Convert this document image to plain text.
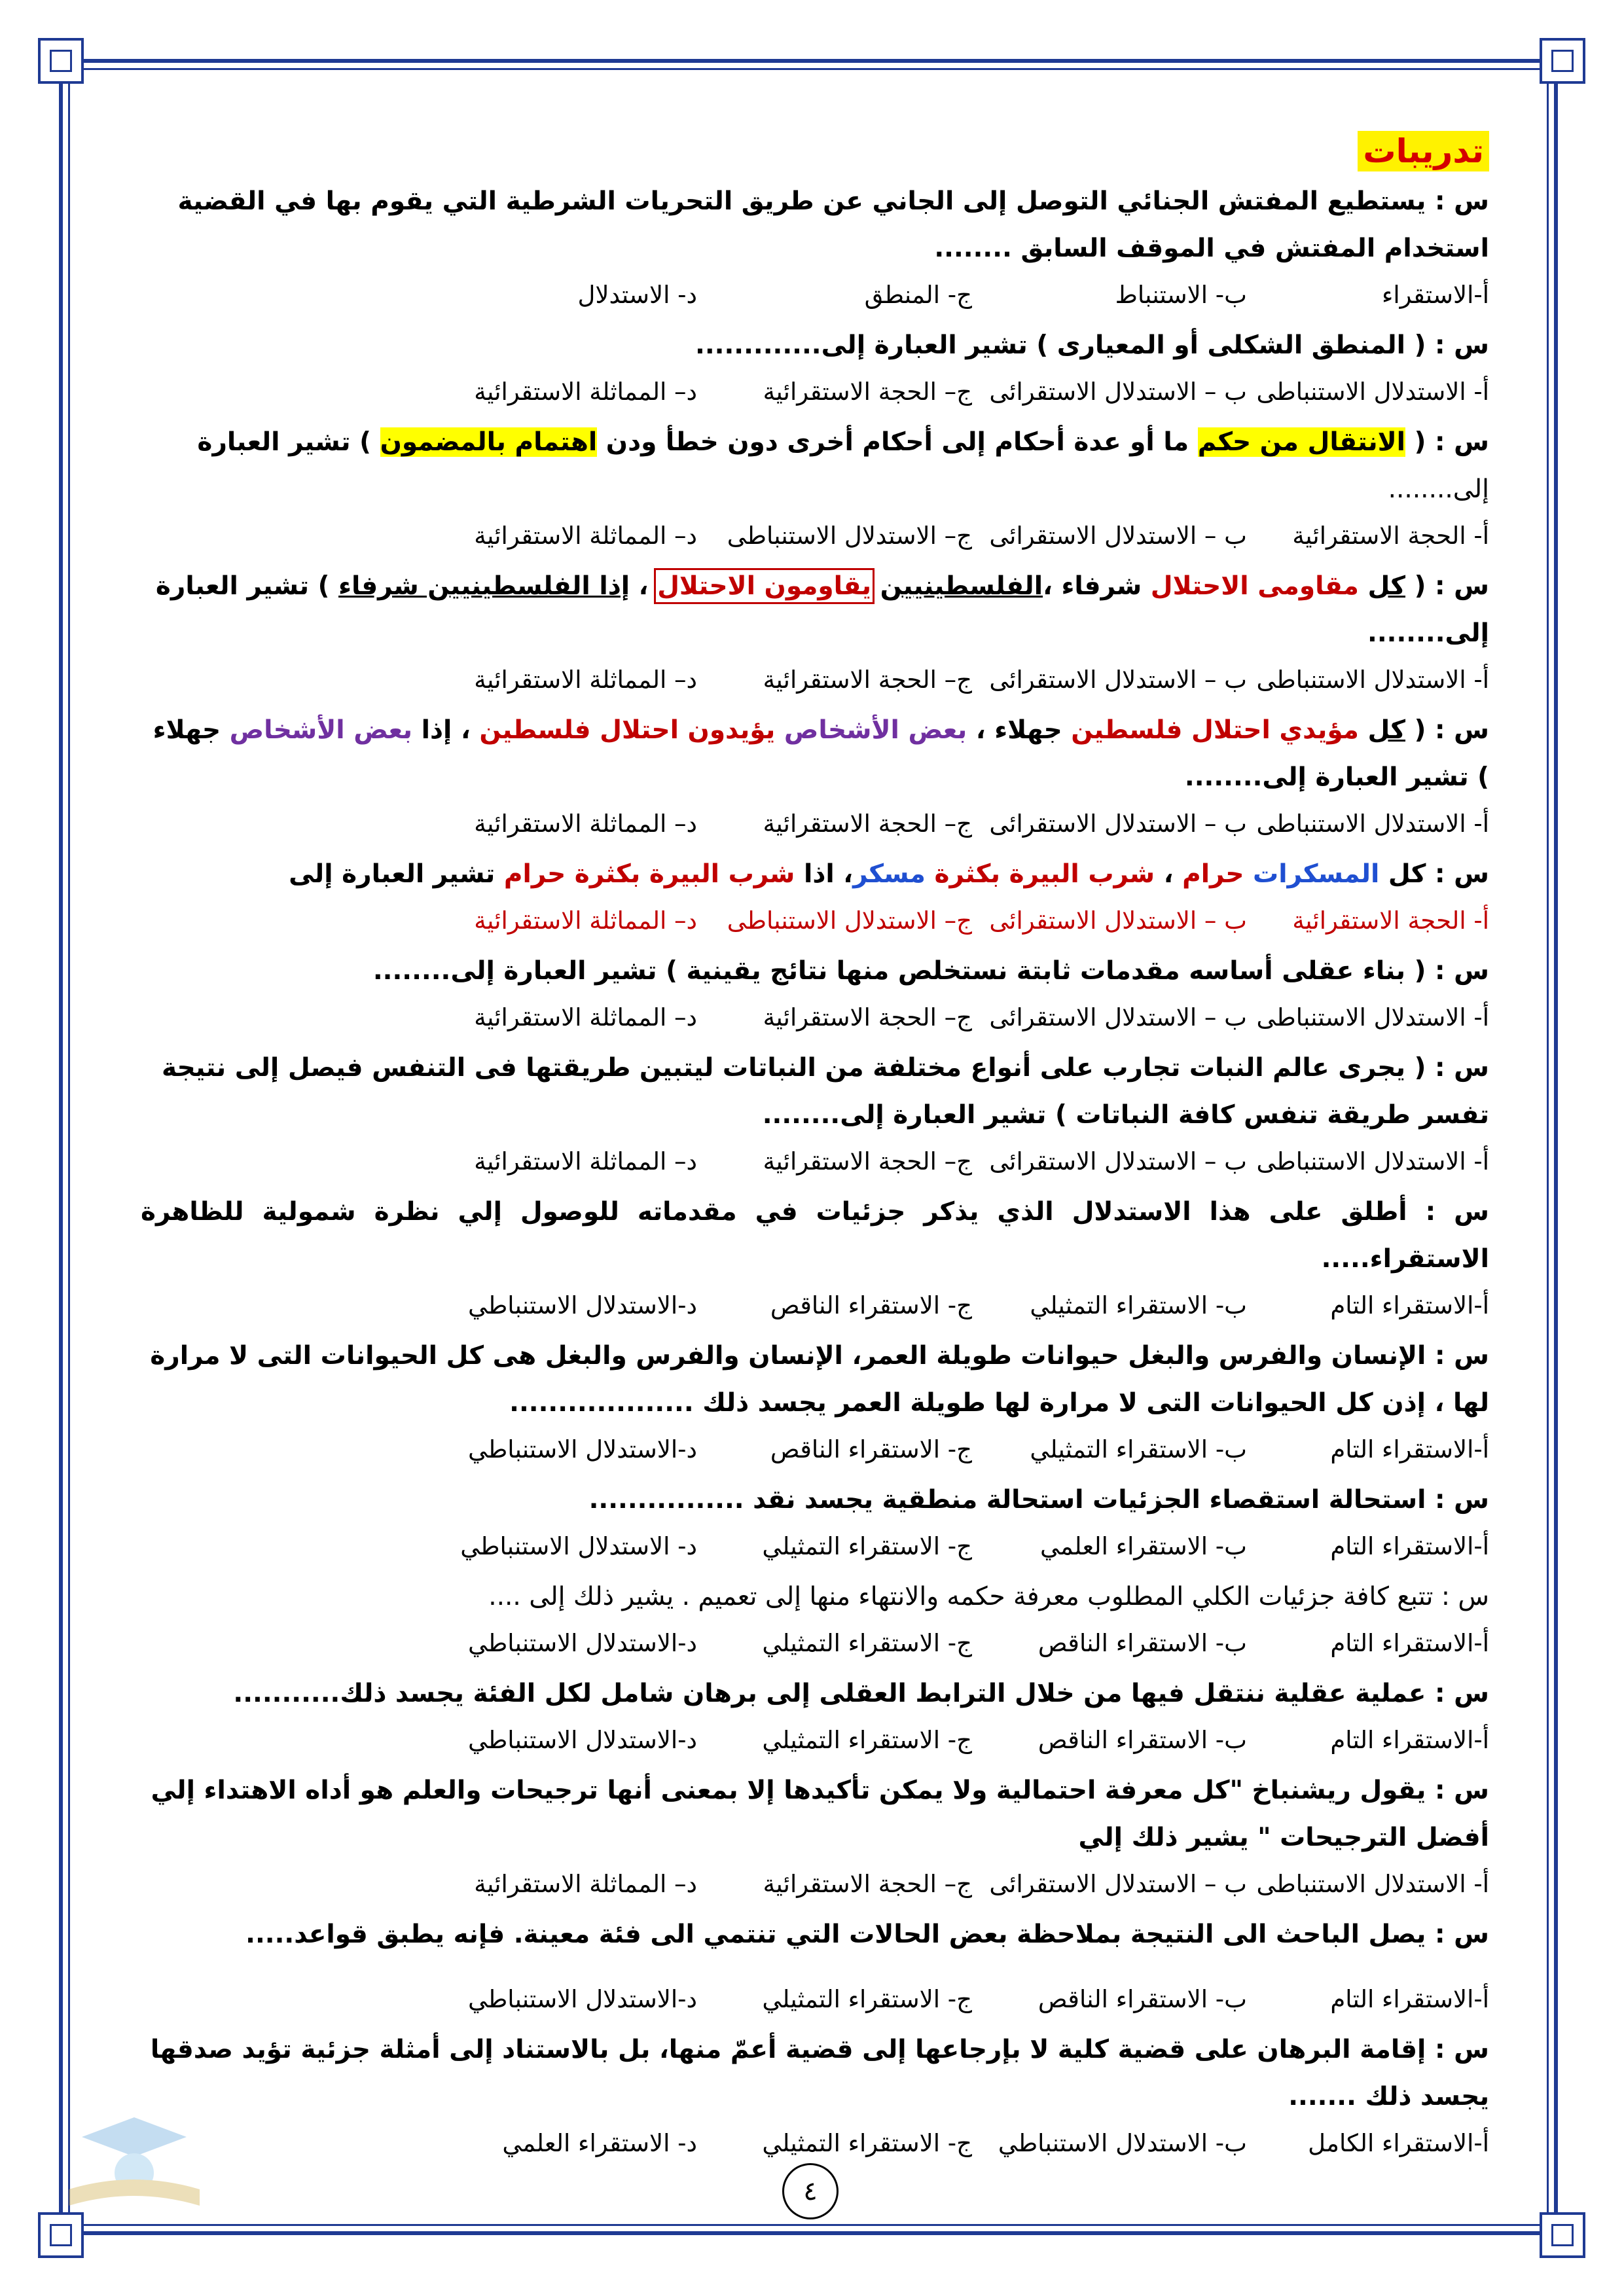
تدريبات

س : يستطيع المفتش الجنائي التوصل إلى الجاني عن طريق التحريات الشرطية التي يقوم بها في القضية

استخدام المفتش في الموقف السابق ........

أ-الاستقراء
ب- الاستنباط
ج- المنطق
د- الاستدلال

س : ( المنطق الشكلى أو المعيارى ) تشير العبارة إلى.............

أ- الاستدلال الاستنباطى
ب – الاستدلال الاستقرائى
ج– الحجة الاستقرائية
د– المماثلة الاستقرائية

س : ( الانتقال من حكم ما أو عدة أحكام إلى أحكام أخرى دون خطأ ودن اهتمام بالمضمون ) تشير العبارة

إلى........

أ- الحجة الاستقرائية
ب – الاستدلال الاستقرائى
ج– الاستدلال الاستنباطى
د– المماثلة الاستقرائية

س : ( كل مقاومى الاحتلال شرفاء ،الفلسطينيين يقاومون الاحتلال ، إذا الفلسطينيين شرفاء ) تشير العبارة

إلى........

أ- الاستدلال الاستنباطى
ب – الاستدلال الاستقرائى
ج– الحجة الاستقرائية
د– المماثلة الاستقرائية

س : ( كل مؤيدي احتلال فلسطين جهلاء ، بعض الأشخاص يؤيدون احتلال فلسطين ، إذا بعض الأشخاص جهلاء

) تشير العبارة إلى........

أ- الاستدلال الاستنباطى
ب – الاستدلال الاستقرائى
ج– الحجة الاستقرائية
د– المماثلة الاستقرائية

س : كل المسكرات حرام ، شرب البيرة بكثرة مسكر، اذا شرب البيرة بكثرة حرام تشير العبارة إلى

أ- الحجة الاستقرائية
ب – الاستدلال الاستقرائى
ج– الاستدلال الاستنباطى
د– المماثلة الاستقرائية

س : ( بناء عقلى أساسه مقدمات ثابتة نستخلص منها نتائج يقينية ) تشير العبارة إلى........

أ- الاستدلال الاستنباطى
ب – الاستدلال الاستقرائى
ج– الحجة الاستقرائية
د– المماثلة الاستقرائية

س : ( يجرى عالم النبات تجارب على أنواع مختلفة من النباتات ليتبين طريقتها فى التنفس فيصل إلى نتيجة

تفسر طريقة تنفس كافة النباتات ) تشير العبارة إلى........

أ- الاستدلال الاستنباطى
ب – الاستدلال الاستقرائى
ج– الحجة الاستقرائية
د– المماثلة الاستقرائية

س : أطلق على هذا الاستدلال الذي يذكر جزئيات في مقدماته للوصول إلي نظرة شمولية للظاهرة الاستقراء.....

أ-الاستقراء التام
ب- الاستقراء التمثيلي
ج- الاستقراء الناقص
د-الاستدلال الاستنباطي

س : الإنسان والفرس والبغل حيوانات طويلة العمر، الإنسان والفرس والبغل هى كل الحيوانات التى لا مرارة

لها ، إذن كل الحيوانات التى لا مرارة لها طويلة العمر يجسد ذلك ...................

أ-الاستقراء التام
ب- الاستقراء التمثيلي
ج- الاستقراء الناقص
د-الاستدلال الاستنباطي

س : استحالة استقصاء الجزئيات استحالة منطقية يجسد نقد ................

أ-الاستقراء التام
ب- الاستقراء العلمي
ج- الاستقراء التمثيلي
د- الاستدلال الاستنباطي

س : تتبع كافة جزئيات الكلي المطلوب معرفة حكمه والانتهاء منها إلى تعميم . يشير ذلك إلى ....

أ-الاستقراء التام
ب- الاستقراء الناقص
ج- الاستقراء التمثيلي
د-الاستدلال الاستنباطي

س : عملية عقلية ننتقل فيها من خلال الترابط العقلى إلى برهان شامل لكل الفئة يجسد ذلك...........

أ-الاستقراء التام
ب- الاستقراء الناقص
ج- الاستقراء التمثيلي
د-الاستدلال الاستنباطي

س : يقول ريشنباخ "كل معرفة احتمالية ولا يمكن تأكيدها إلا بمعنى أنها ترجيحات والعلم هو أداه الاهتداء إلي

أفضل الترجيحات " يشير ذلك إلي

أ- الاستدلال الاستنباطى
ب – الاستدلال الاستقرائى
ج– الحجة الاستقرائية
د– المماثلة الاستقرائية

س : يصل الباحث الى النتيجة بملاحظة بعض الحالات التي تنتمي الى فئة معينة. فإنه يطبق قواعد.....

أ-الاستقراء التام
ب- الاستقراء الناقص
ج- الاستقراء التمثيلي
د-الاستدلال الاستنباطي

س : إقامة البرهان على قضية كلية لا بإرجاعها إلى قضية أعمّ منها، بل بالاستناد إلى أمثلة جزئية تؤيد صدقها

يجسد ذلك .......

أ-الاستقراء الكامل
ب- الاستدلال الاستنباطي
ج- الاستقراء التمثيلي
د- الاستقراء العلمي
٤
